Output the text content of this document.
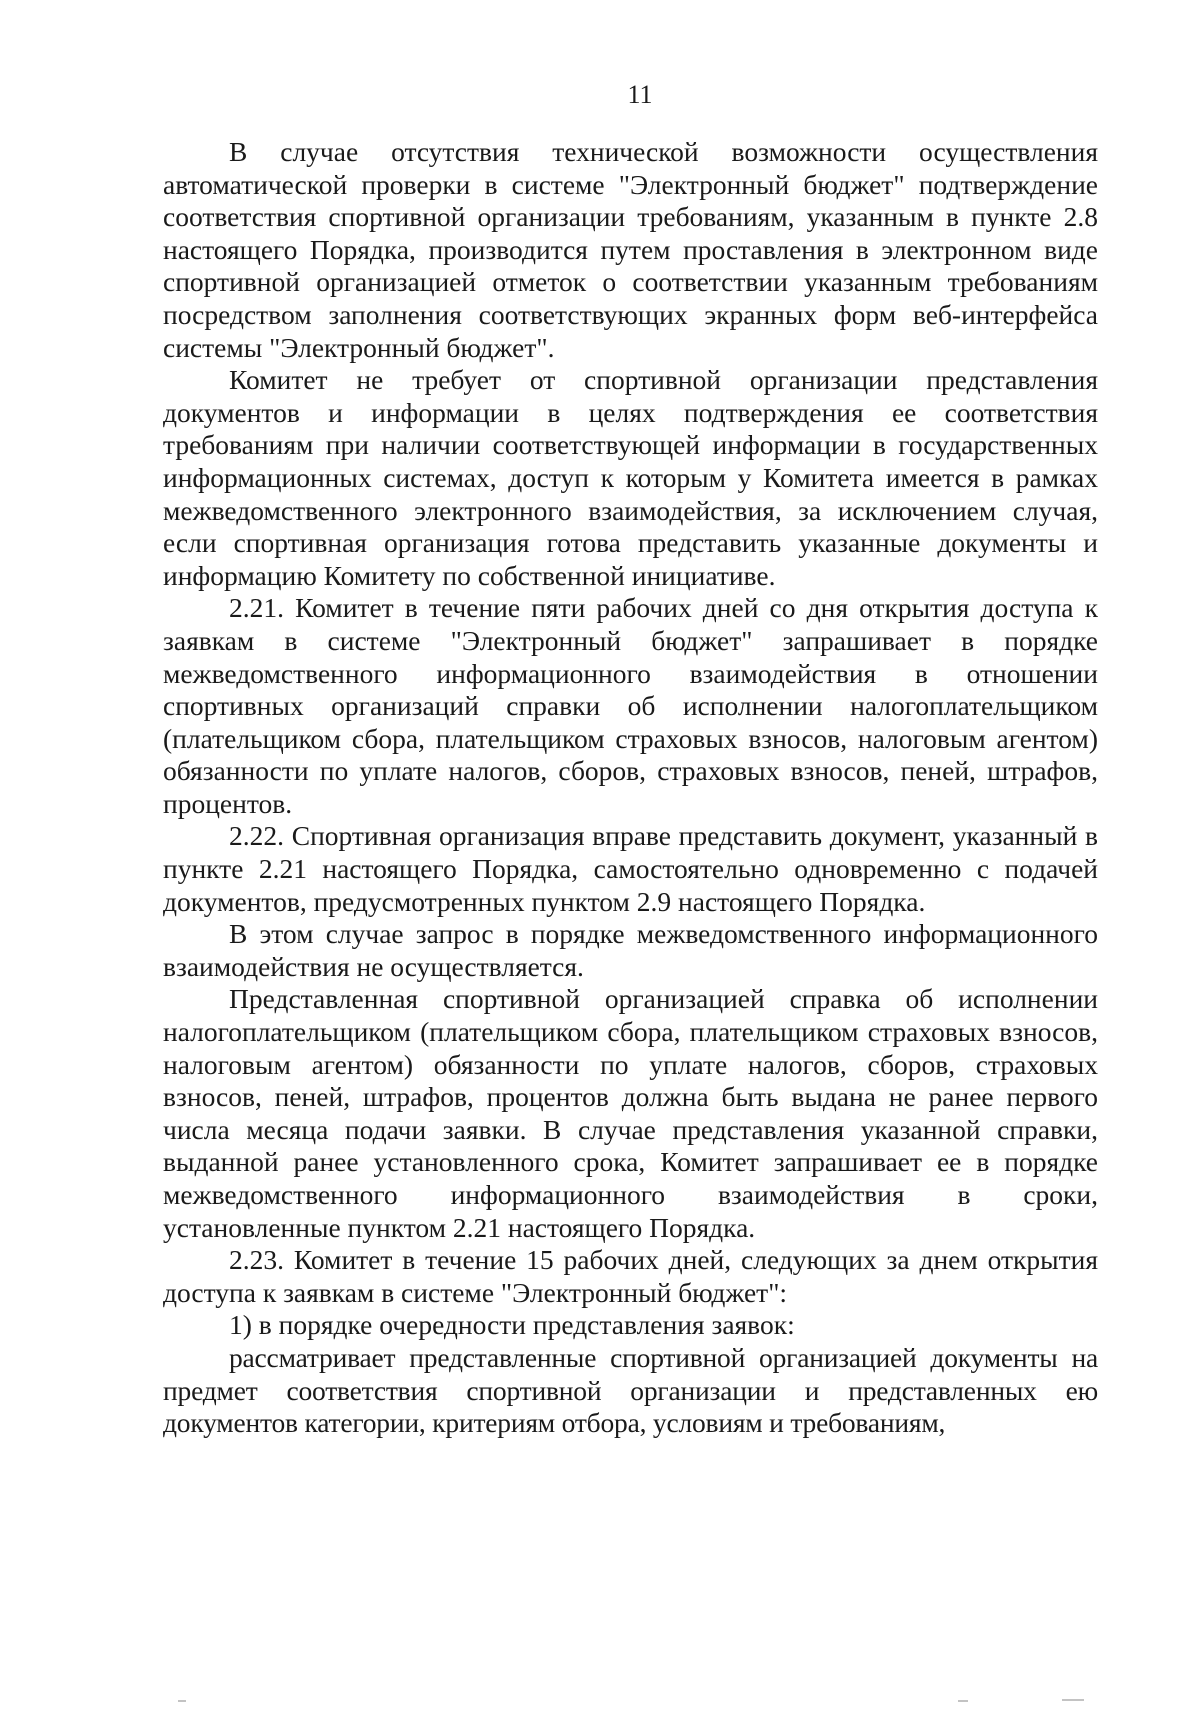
11

В случае отсутствия технической возможности осуществления автоматической проверки в системе "Электронный бюджет" подтверждение соответствия спортивной организации требованиям, указанным в пункте 2.8 настоящего Порядка, производится путем проставления в электронном виде спортивной организацией отметок о соответствии указанным требованиям посредством заполнения соответствующих экранных форм веб-интерфейса системы "Электронный бюджет".

Комитет не требует от спортивной организации представления документов и информации в целях подтверждения ее соответствия требованиям при наличии соответствующей информации в государственных информационных системах, доступ к которым у Комитета имеется в рамках межведомственного электронного взаимодействия, за исключением случая, если спортивная организация готова представить указанные документы и информацию Комитету по собственной инициативе.

2.21. Комитет в течение пяти рабочих дней со дня открытия доступа к заявкам в системе "Электронный бюджет" запрашивает в порядке межведомственного информационного взаимодействия в отношении спортивных организаций справки об исполнении налогоплательщиком (плательщиком сбора, плательщиком страховых взносов, налоговым агентом) обязанности по уплате налогов, сборов, страховых взносов, пеней, штрафов, процентов.

2.22. Спортивная организация вправе представить документ, указанный в пункте 2.21 настоящего Порядка, самостоятельно одновременно с подачей документов, предусмотренных пунктом 2.9 настоящего Порядка.

В этом случае запрос в порядке межведомственного информационного взаимодействия не осуществляется.

Представленная спортивной организацией справка об исполнении налогоплательщиком (плательщиком сбора, плательщиком страховых взносов, налоговым агентом) обязанности по уплате налогов, сборов, страховых взносов, пеней, штрафов, процентов должна быть выдана не ранее первого числа месяца подачи заявки. В случае представления указанной справки, выданной ранее установленного срока, Комитет запрашивает ее в порядке межведомственного информационного взаимодействия в сроки, установленные пунктом 2.21 настоящего Порядка.

2.23. Комитет в течение 15 рабочих дней, следующих за днем открытия доступа к заявкам в системе "Электронный бюджет":

1) в порядке очередности представления заявок:

рассматривает представленные спортивной организацией документы на предмет соответствия спортивной организации и представленных ею документов категории, критериям отбора, условиям и требованиям,
